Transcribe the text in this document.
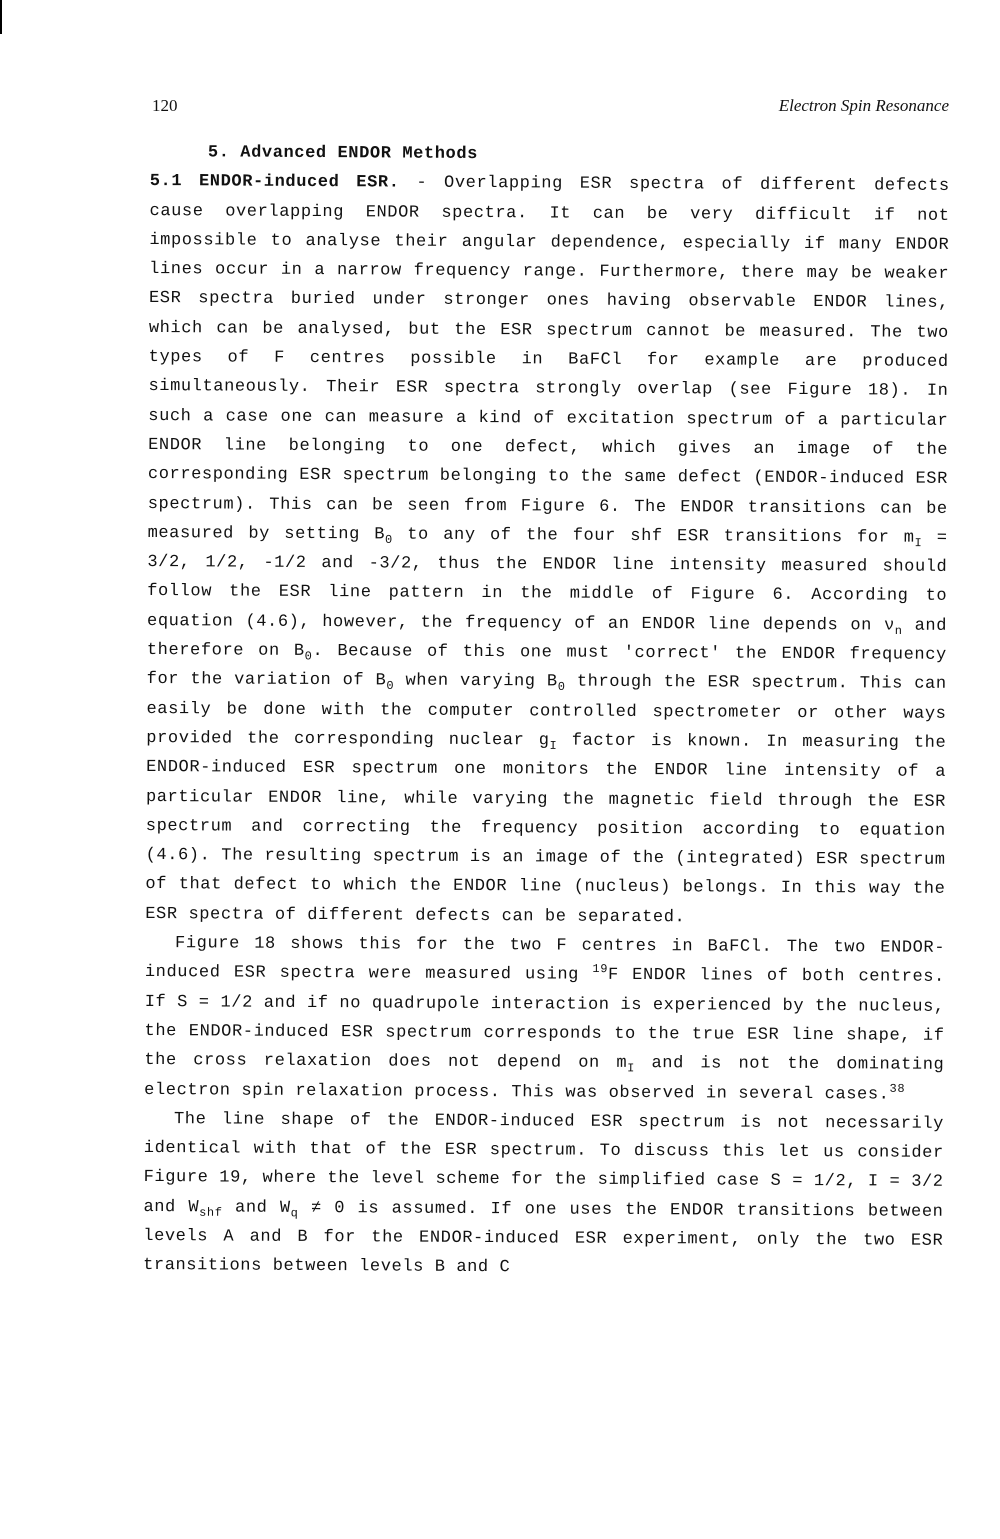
120	Electron Spin Resonance

5. Advanced ENDOR Methods

5.1 ENDOR-induced ESR. - Overlapping ESR spectra of different defects cause overlapping ENDOR spectra. It can be very difficult if not impossible to analyse their angular dependence, especially if many ENDOR lines occur in a narrow frequency range. Furthermore, there may be weaker ESR spectra buried under stronger ones having observable ENDOR lines, which can be analysed, but the ESR spectrum cannot be measured. The two types of F centres possible in BaFCl for example are produced simultaneously. Their ESR spectra strongly overlap (see Figure 18). In such a case one can measure a kind of excitation spectrum of a particular ENDOR line belonging to one defect, which gives an image of the corresponding ESR spectrum belonging to the same defect (ENDOR-induced ESR spectrum). This can be seen from Figure 6. The ENDOR transitions can be measured by setting $B_0$ to any of the four shf ESR transitions for $m_I = 3/2$, 1/2, -1/2 and -3/2, thus the ENDOR line intensity measured should follow the ESR line pattern in the middle of Figure 6. According to equation (4.6), however, the frequency of an ENDOR line depends on $\nu_n$ and therefore on $B_0$. Because of this one must 'correct' the ENDOR frequency for the variation of $B_0$ when varying $B_0$ through the ESR spectrum. This can easily be done with the computer controlled spectrometer or other ways provided the corresponding nuclear $g_I$ factor is known. In measuring the ENDOR-induced ESR spectrum one monitors the ENDOR line intensity of a particular ENDOR line, while varying the magnetic field through the ESR spectrum and correcting the frequency position according to equation (4.6). The resulting spectrum is an image of the (integrated) ESR spectrum of that defect to which the ENDOR line (nucleus) belongs. In this way the ESR spectra of different defects can be separated.

Figure 18 shows this for the two F centres in BaFCl. The two ENDOR-induced ESR spectra were measured using $^{19}$F ENDOR lines of both centres. If S = 1/2 and if no quadrupole interaction is experienced by the nucleus, the ENDOR-induced ESR spectrum corresponds to the true ESR line shape, if the cross relaxation does not depend on $m_I$ and is not the dominating electron spin relaxation process. This was observed in several cases.$^{38}$

The line shape of the ENDOR-induced ESR spectrum is not necessarily identical with that of the ESR spectrum. To discuss this let us consider Figure 19, where the level scheme for the simplified case S = 1/2, I = 3/2 and $W_{shf}$ and $W_q \ne 0$ is assumed. If one uses the ENDOR transitions between levels A and B for the ENDOR-induced ESR experiment, only the two ESR transitions between levels B and C
